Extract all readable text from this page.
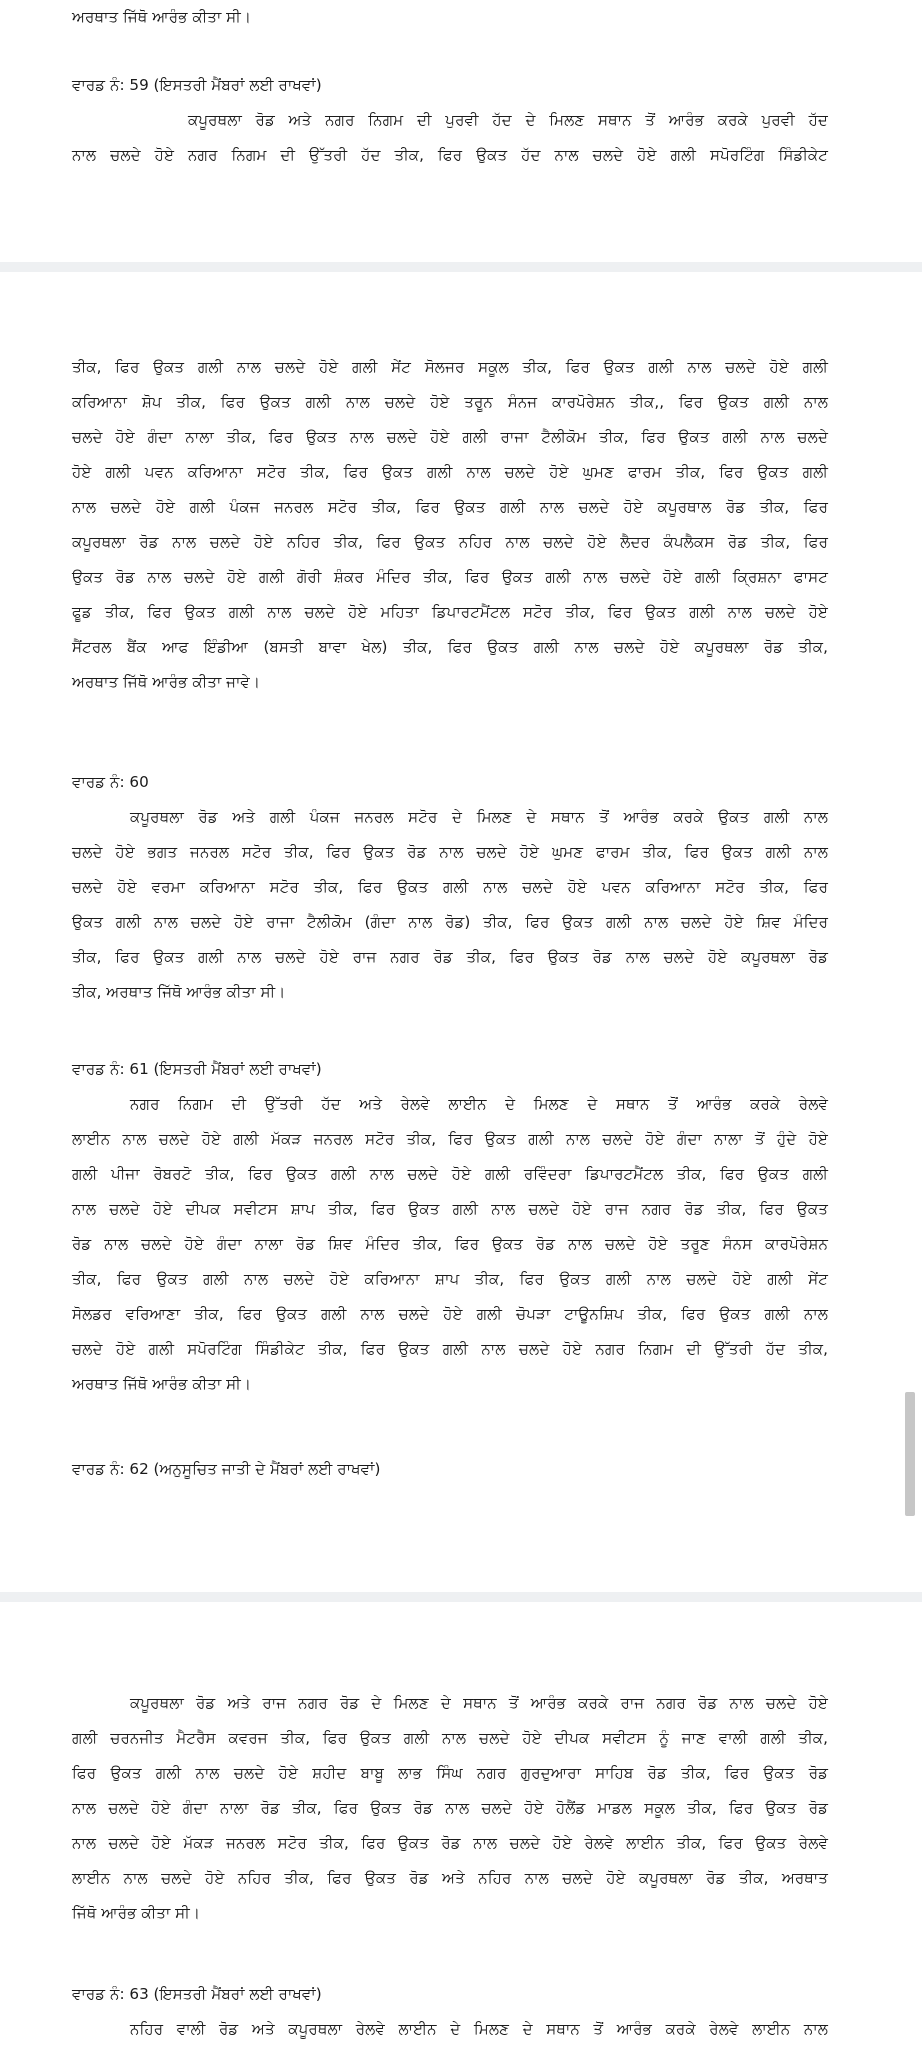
ਅਰਥਾਤ ਜਿੱਥੋ ਆਰੰਭ ਕੀਤਾ ਸੀ।
ਵਾਰਡ ਨੰ: 59 (ਇਸਤਰੀ ਮੈਂਬਰਾਂ ਲਈ ਰਾਖਵਾਂ)
ਕਪੂਰਥਲਾ ਰੋਡ ਅਤੇ ਨਗਰ ਨਿਗਮ ਦੀ ਪੁਰਵੀ ਹੱਦ ਦੇ ਮਿਲਣ ਸਥਾਨ ਤੋਂ ਆਰੰਭ ਕਰਕੇ ਪੁਰਵੀ ਹੱਦ
ਨਾਲ ਚਲਦੇ ਹੋਏ ਨਗਰ ਨਿਗਮ ਦੀ ਉੱਤਰੀ ਹੱਦ ਤੀਕ, ਫਿਰ ਉਕਤ ਹੱਦ ਨਾਲ ਚਲਦੇ ਹੋਏ ਗਲੀ ਸਪੋਰਟਿੰਗ ਸਿੰਡੀਕੇਟ
ਤੀਕ, ਫਿਰ ਉਕਤ ਗਲੀ ਨਾਲ ਚਲਦੇ ਹੋਏ ਗਲੀ ਸੇਂਟ ਸੋਲਜਰ ਸਕੂਲ ਤੀਕ, ਫਿਰ ਉਕਤ ਗਲੀ ਨਾਲ ਚਲਦੇ ਹੋਏ ਗਲੀ
ਕਰਿਆਨਾ ਸ਼ੋਪ ਤੀਕ, ਫਿਰ ਉਕਤ ਗਲੀ ਨਾਲ ਚਲਦੇ ਹੋਏ ਤਰੂਨ ਸੰਨਜ ਕਾਰਪੋਰੇਸ਼ਨ ਤੀਕ,, ਫਿਰ ਉਕਤ ਗਲੀ ਨਾਲ
ਚਲਦੇ ਹੋਏ ਗੰਦਾ ਨਾਲਾ ਤੀਕ, ਫਿਰ ਉਕਤ ਨਾਲ ਚਲਦੇ ਹੋਏ ਗਲੀ ਰਾਜਾ ਟੈਲੀਕੋਮ ਤੀਕ, ਫਿਰ ਉਕਤ ਗਲੀ ਨਾਲ ਚਲਦੇ
ਹੋਏ ਗਲੀ ਪਵਨ ਕਰਿਆਨਾ ਸਟੋਰ ਤੀਕ, ਫਿਰ ਉਕਤ ਗਲੀ ਨਾਲ ਚਲਦੇ ਹੋਏ ਘੁਮਣ ਫਾਰਮ ਤੀਕ, ਫਿਰ ਉਕਤ ਗਲੀ
ਨਾਲ ਚਲਦੇ ਹੋਏ ਗਲੀ ਪੰਕਜ ਜਨਰਲ ਸਟੋਰ ਤੀਕ, ਫਿਰ ਉਕਤ ਗਲੀ ਨਾਲ ਚਲਦੇ ਹੋਏ ਕਪੂਰਥਾਲ ਰੋਡ ਤੀਕ, ਫਿਰ
ਕਪੂਰਥਲਾ ਰੋਡ ਨਾਲ ਚਲਦੇ ਹੋਏ ਨਹਿਰ ਤੀਕ, ਫਿਰ ਉਕਤ ਨਹਿਰ ਨਾਲ ਚਲਦੇ ਹੋਏ ਲੈਦਰ ਕੰਪਲੈਕਸ ਰੋਡ ਤੀਕ, ਫਿਰ
ਉਕਤ ਰੋਡ ਨਾਲ ਚਲਦੇ ਹੋਏ ਗਲੀ ਗੋਰੀ ਸ਼ੰਕਰ ਮੰਦਿਰ ਤੀਕ, ਫਿਰ ਉਕਤ ਗਲੀ ਨਾਲ ਚਲਦੇ ਹੋਏ ਗਲੀ ਕ੍ਰਿਸ਼ਨਾ ਫਾਸਟ
ਫੂਡ ਤੀਕ, ਫਿਰ ਉਕਤ ਗਲੀ ਨਾਲ ਚਲਦੇ ਹੋਏ ਮਹਿਤਾ ਡਿਪਾਰਟਮੈਂਟਲ ਸਟੋਰ ਤੀਕ, ਫਿਰ ਉਕਤ ਗਲੀ ਨਾਲ ਚਲਦੇ ਹੋਏ
ਸੈਂਟਰਲ ਬੈਂਕ ਆਫ ਇੰਡੀਆ (ਬਸਤੀ ਬਾਵਾ ਖੇਲ) ਤੀਕ, ਫਿਰ ਉਕਤ ਗਲੀ ਨਾਲ ਚਲਦੇ ਹੋਏ ਕਪੂਰਥਲਾ ਰੋਡ ਤੀਕ,
ਅਰਥਾਤ ਜਿੱਥੋ ਆਰੰਭ ਕੀਤਾ ਜਾਵੇ।
ਵਾਰਡ ਨੰ: 60
ਕਪੂਰਥਲਾ ਰੋਡ ਅਤੇ ਗਲੀ ਪੰਕਜ ਜਨਰਲ ਸਟੋਰ ਦੇ ਮਿਲਣ ਦੇ ਸਥਾਨ ਤੋਂ ਆਰੰਭ ਕਰਕੇ ਉਕਤ ਗਲੀ ਨਾਲ
ਚਲਦੇ ਹੋਏ ਭਗਤ ਜਨਰਲ ਸਟੋਰ ਤੀਕ, ਫਿਰ ਉਕਤ ਰੋਡ ਨਾਲ ਚਲਦੇ ਹੋਏ ਘੁਮਣ ਫਾਰਮ ਤੀਕ, ਫਿਰ ਉਕਤ ਗਲੀ ਨਾਲ
ਚਲਦੇ ਹੋਏ ਵਰਮਾ ਕਰਿਆਨਾ ਸਟੋਰ ਤੀਕ, ਫਿਰ ਉਕਤ ਗਲੀ ਨਾਲ ਚਲਦੇ ਹੋਏ ਪਵਨ ਕਰਿਆਨਾ ਸਟੋਰ ਤੀਕ, ਫਿਰ
ਉਕਤ ਗਲੀ ਨਾਲ ਚਲਦੇ ਹੋਏ ਰਾਜਾ ਟੈਲੀਕੋਮ (ਗੰਦਾ ਨਾਲ ਰੋਡ) ਤੀਕ, ਫਿਰ ਉਕਤ ਗਲੀ ਨਾਲ ਚਲਦੇ ਹੋਏ ਸ਼ਿਵ ਮੰਦਿਰ
ਤੀਕ, ਫਿਰ ਉਕਤ ਗਲੀ ਨਾਲ ਚਲਦੇ ਹੋਏ ਰਾਜ ਨਗਰ ਰੋਡ ਤੀਕ, ਫਿਰ ਉਕਤ ਰੋਡ ਨਾਲ ਚਲਦੇ ਹੋਏ ਕਪੂਰਥਲਾ ਰੋਡ
ਤੀਕ, ਅਰਥਾਤ ਜਿੱਥੋ ਆਰੰਭ ਕੀਤਾ ਸੀ।
ਵਾਰਡ ਨੰ: 61 (ਇਸਤਰੀ ਮੈਂਬਰਾਂ ਲਈ ਰਾਖਵਾਂ)
ਨਗਰ ਨਿਗਮ ਦੀ ਉੱਤਰੀ ਹੱਦ ਅਤੇ ਰੇਲਵੇ ਲਾਈਨ ਦੇ ਮਿਲਣ ਦੇ ਸਥਾਨ ਤੋਂ ਆਰੰਭ ਕਰਕੇ ਰੇਲਵੇ
ਲਾਈਨ ਨਾਲ ਚਲਦੇ ਹੋਏ ਗਲੀ ਮੱਕੜ ਜਨਰਲ ਸਟੋਰ ਤੀਕ, ਫਿਰ ਉਕਤ ਗਲੀ ਨਾਲ ਚਲਦੇ ਹੋਏ ਗੰਦਾ ਨਾਲਾ ਤੋਂ ਹੁੰਦੇ ਹੋਏ
ਗਲੀ ਪੀਜਾ ਰੋਬਰਟੋ ਤੀਕ, ਫਿਰ ਉਕਤ ਗਲੀ ਨਾਲ ਚਲਦੇ ਹੋਏ ਗਲੀ ਰਵਿੰਦਰਾ ਡਿਪਾਰਟਮੈਂਟਲ ਤੀਕ, ਫਿਰ ਉਕਤ ਗਲੀ
ਨਾਲ ਚਲਦੇ ਹੋਏ ਦੀਪਕ ਸਵੀਟਸ ਸ਼ਾਪ ਤੀਕ, ਫਿਰ ਉਕਤ ਗਲੀ ਨਾਲ ਚਲਦੇ ਹੋਏ ਰਾਜ ਨਗਰ ਰੋਡ ਤੀਕ, ਫਿਰ ਉਕਤ
ਰੋਡ ਨਾਲ ਚਲਦੇ ਹੋਏ ਗੰਦਾ ਨਾਲਾ ਰੋਡ ਸ਼ਿਵ ਮੰਦਿਰ ਤੀਕ, ਫਿਰ ਉਕਤ ਰੋਡ ਨਾਲ ਚਲਦੇ ਹੋਏ ਤਰੂਣ ਸੰਨਸ ਕਾਰਪੋਰੇਸ਼ਨ
ਤੀਕ, ਫਿਰ ਉਕਤ ਗਲੀ ਨਾਲ ਚਲਦੇ ਹੋਏ ਕਰਿਆਨਾ ਸ਼ਾਪ ਤੀਕ, ਫਿਰ ਉਕਤ ਗਲੀ ਨਾਲ ਚਲਦੇ ਹੋਏ ਗਲੀ ਸੇਂਟ
ਸੋਲਡਰ ਵਰਿਆਣਾ ਤੀਕ, ਫਿਰ ਉਕਤ ਗਲੀ ਨਾਲ ਚਲਦੇ ਹੋਏ ਗਲੀ ਚੋਪੜਾ ਟਾਊਨਸ਼ਿਪ ਤੀਕ, ਫਿਰ ਉਕਤ ਗਲੀ ਨਾਲ
ਚਲਦੇ ਹੋਏ ਗਲੀ ਸਪੋਰਟਿੰਗ ਸਿੰਡੀਕੇਟ ਤੀਕ, ਫਿਰ ਉਕਤ ਗਲੀ ਨਾਲ ਚਲਦੇ ਹੋਏ ਨਗਰ ਨਿਗਮ ਦੀ ਉੱਤਰੀ ਹੱਦ ਤੀਕ,
ਅਰਥਾਤ ਜਿੱਥੋ ਆਰੰਭ ਕੀਤਾ ਸੀ।
ਵਾਰਡ ਨੰ: 62 (ਅਨੁਸੂਚਿਤ ਜਾਤੀ ਦੇ ਮੈਂਬਰਾਂ ਲਈ ਰਾਖਵਾਂ)
ਕਪੂਰਥਲਾ ਰੋਡ ਅਤੇ ਰਾਜ ਨਗਰ ਰੋਡ ਦੇ ਮਿਲਣ ਦੇ ਸਥਾਨ ਤੋਂ ਆਰੰਭ ਕਰਕੇ ਰਾਜ ਨਗਰ ਰੋਡ ਨਾਲ ਚਲਦੇ ਹੋਏ
ਗਲੀ ਚਰਨਜੀਤ ਮੈਟਰੈਸ ਕਵਰਜ ਤੀਕ, ਫਿਰ ਉਕਤ ਗਲੀ ਨਾਲ ਚਲਦੇ ਹੋਏ ਦੀਪਕ ਸਵੀਟਸ ਨੂੰ ਜਾਣ ਵਾਲੀ ਗਲੀ ਤੀਕ,
ਫਿਰ ਉਕਤ ਗਲੀ ਨਾਲ ਚਲਦੇ ਹੋਏ ਸ਼ਹੀਦ ਬਾਬੂ ਲਾਭ ਸਿੰਘ ਨਗਰ ਗੁਰਦੁਆਰਾ ਸਾਹਿਬ ਰੋਡ ਤੀਕ, ਫਿਰ ਉਕਤ ਰੋਡ
ਨਾਲ ਚਲਦੇ ਹੋਏ ਗੰਦਾ ਨਾਲਾ ਰੋਡ ਤੀਕ, ਫਿਰ ਉਕਤ ਰੋਡ ਨਾਲ ਚਲਦੇ ਹੋਏ ਹੋਲੈਂਡ ਮਾਡਲ ਸਕੂਲ ਤੀਕ, ਫਿਰ ਉਕਤ ਰੋਡ
ਨਾਲ ਚਲਦੇ ਹੋਏ ਮੱਕੜ ਜਨਰਲ ਸਟੋਰ ਤੀਕ, ਫਿਰ ਉਕਤ ਰੋਡ ਨਾਲ ਚਲਦੇ ਹੋਏ ਰੇਲਵੇ ਲਾਈਨ ਤੀਕ, ਫਿਰ ਉਕਤ ਰੇਲਵੇ
ਲਾਈਨ ਨਾਲ ਚਲਦੇ ਹੋਏ ਨਹਿਰ ਤੀਕ, ਫਿਰ ਉਕਤ ਰੋਡ ਅਤੇ ਨਹਿਰ ਨਾਲ ਚਲਦੇ ਹੋਏ ਕਪੂਰਥਲਾ ਰੋਡ ਤੀਕ, ਅਰਥਾਤ
ਜਿੱਥੋ ਆਰੰਭ ਕੀਤਾ ਸੀ।
ਵਾਰਡ ਨੰ: 63 (ਇਸਤਰੀ ਮੈਂਬਰਾਂ ਲਈ ਰਾਖਵਾਂ)
ਨਹਿਰ ਵਾਲੀ ਰੋਡ ਅਤੇ ਕਪੂਰਥਲਾ ਰੇਲਵੇ ਲਾਈਨ ਦੇ ਮਿਲਣ ਦੇ ਸਥਾਨ ਤੋਂ ਆਰੰਭ ਕਰਕੇ ਰੇਲਵੇ ਲਾਈਨ ਨਾਲ
